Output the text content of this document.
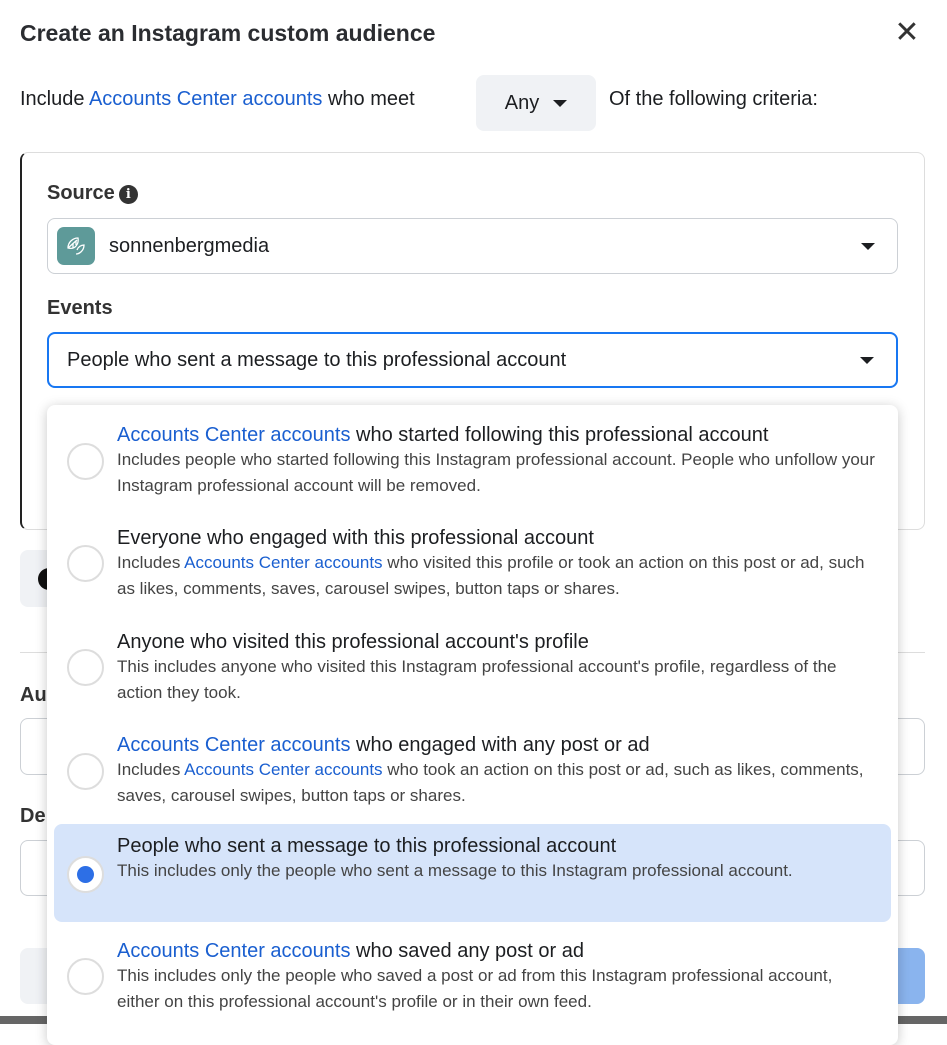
Create an Instagram custom audience	✕
Include Accounts Center accounts who meet	Any	Of the following criteria:
Source i
sonnenbergmedia
Events
People who sent a message to this professional account
Au
De
Accounts Center accounts who started following this professional account
Includes people who started following this Instagram professional account. People who unfollow your Instagram professional account will be removed.
Everyone who engaged with this professional account
Includes Accounts Center accounts who visited this profile or took an action on this post or ad, such as likes, comments, saves, carousel swipes, button taps or shares.
Anyone who visited this professional account's profile
This includes anyone who visited this Instagram professional account's profile, regardless of the action they took.
Accounts Center accounts who engaged with any post or ad
Includes Accounts Center accounts who took an action on this post or ad, such as likes, comments, saves, carousel swipes, button taps or shares.
People who sent a message to this professional account
This includes only the people who sent a message to this Instagram professional account.
Accounts Center accounts who saved any post or ad
This includes only the people who saved a post or ad from this Instagram professional account, either on this professional account's profile or in their own feed.
